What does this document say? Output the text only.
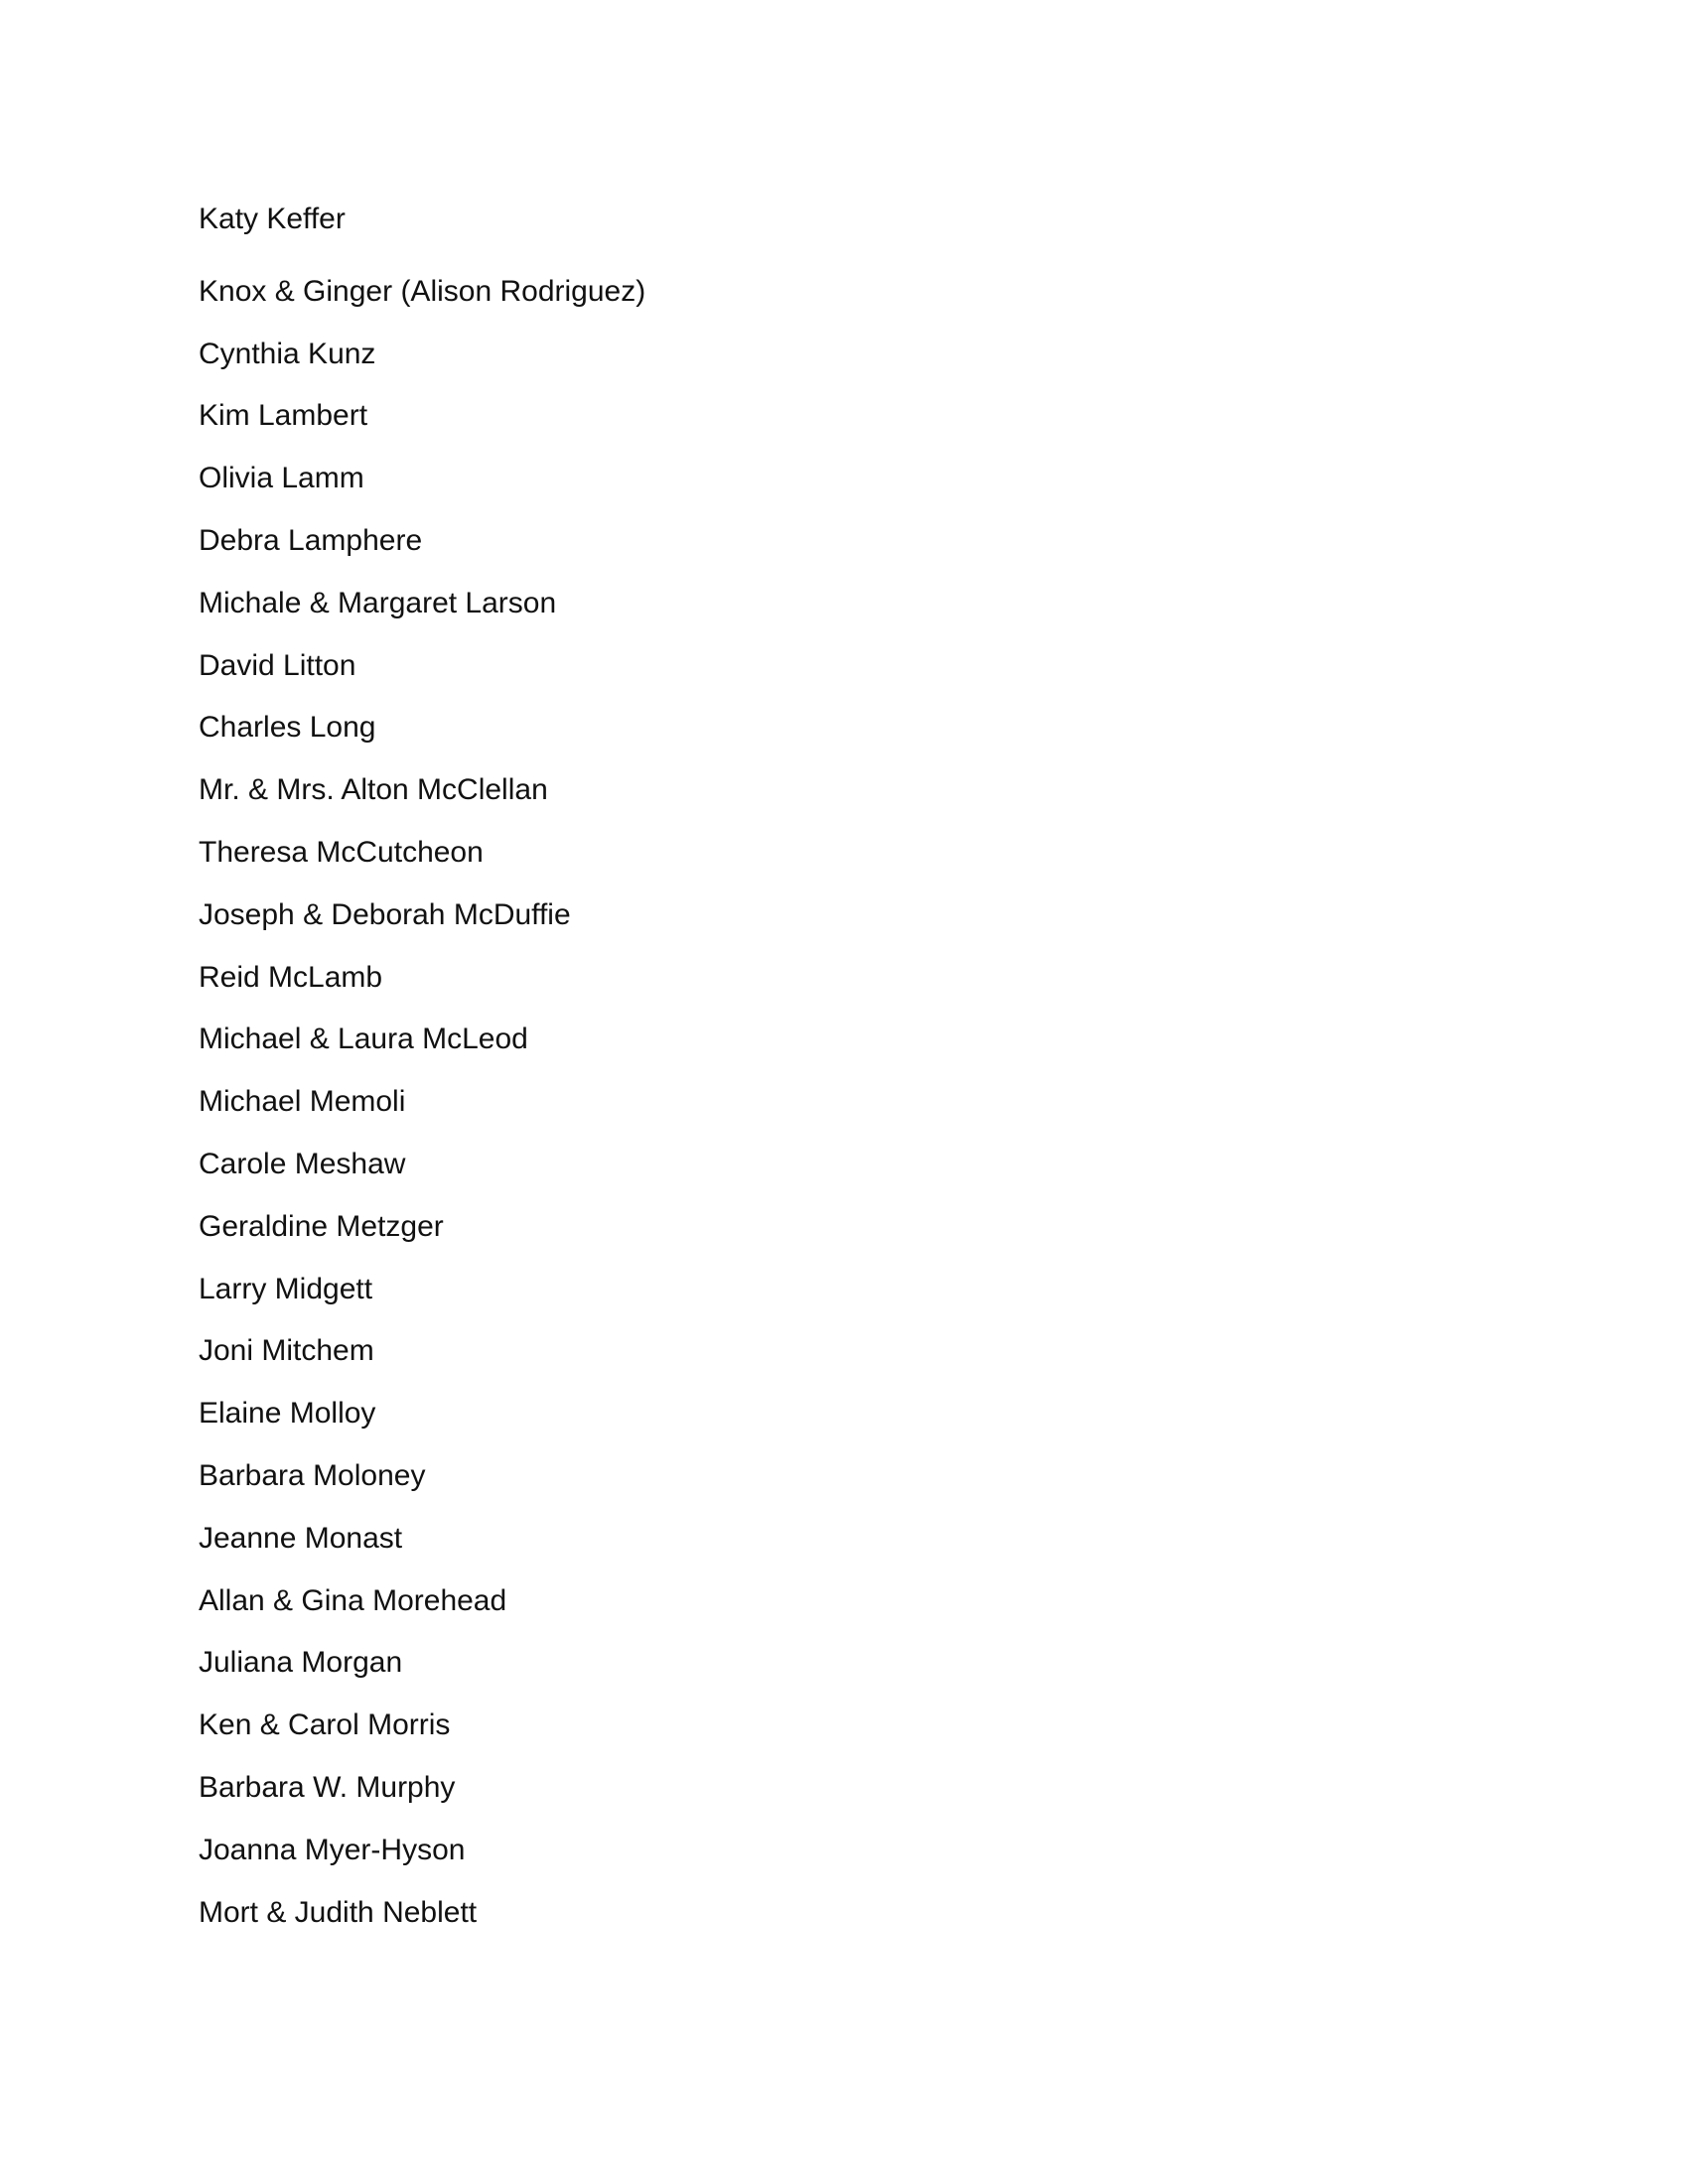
Katy Keffer
Knox & Ginger (Alison Rodriguez)
Cynthia Kunz
Kim Lambert
Olivia Lamm
Debra Lamphere
Michale & Margaret Larson
David Litton
Charles Long
Mr. & Mrs. Alton McClellan
Theresa McCutcheon
Joseph & Deborah McDuffie
Reid McLamb
Michael & Laura McLeod
Michael Memoli
Carole Meshaw
Geraldine Metzger
Larry Midgett
Joni Mitchem
Elaine Molloy
Barbara Moloney
Jeanne Monast
Allan & Gina Morehead
Juliana Morgan
Ken & Carol Morris
Barbara W. Murphy
Joanna Myer-Hyson
Mort & Judith Neblett
